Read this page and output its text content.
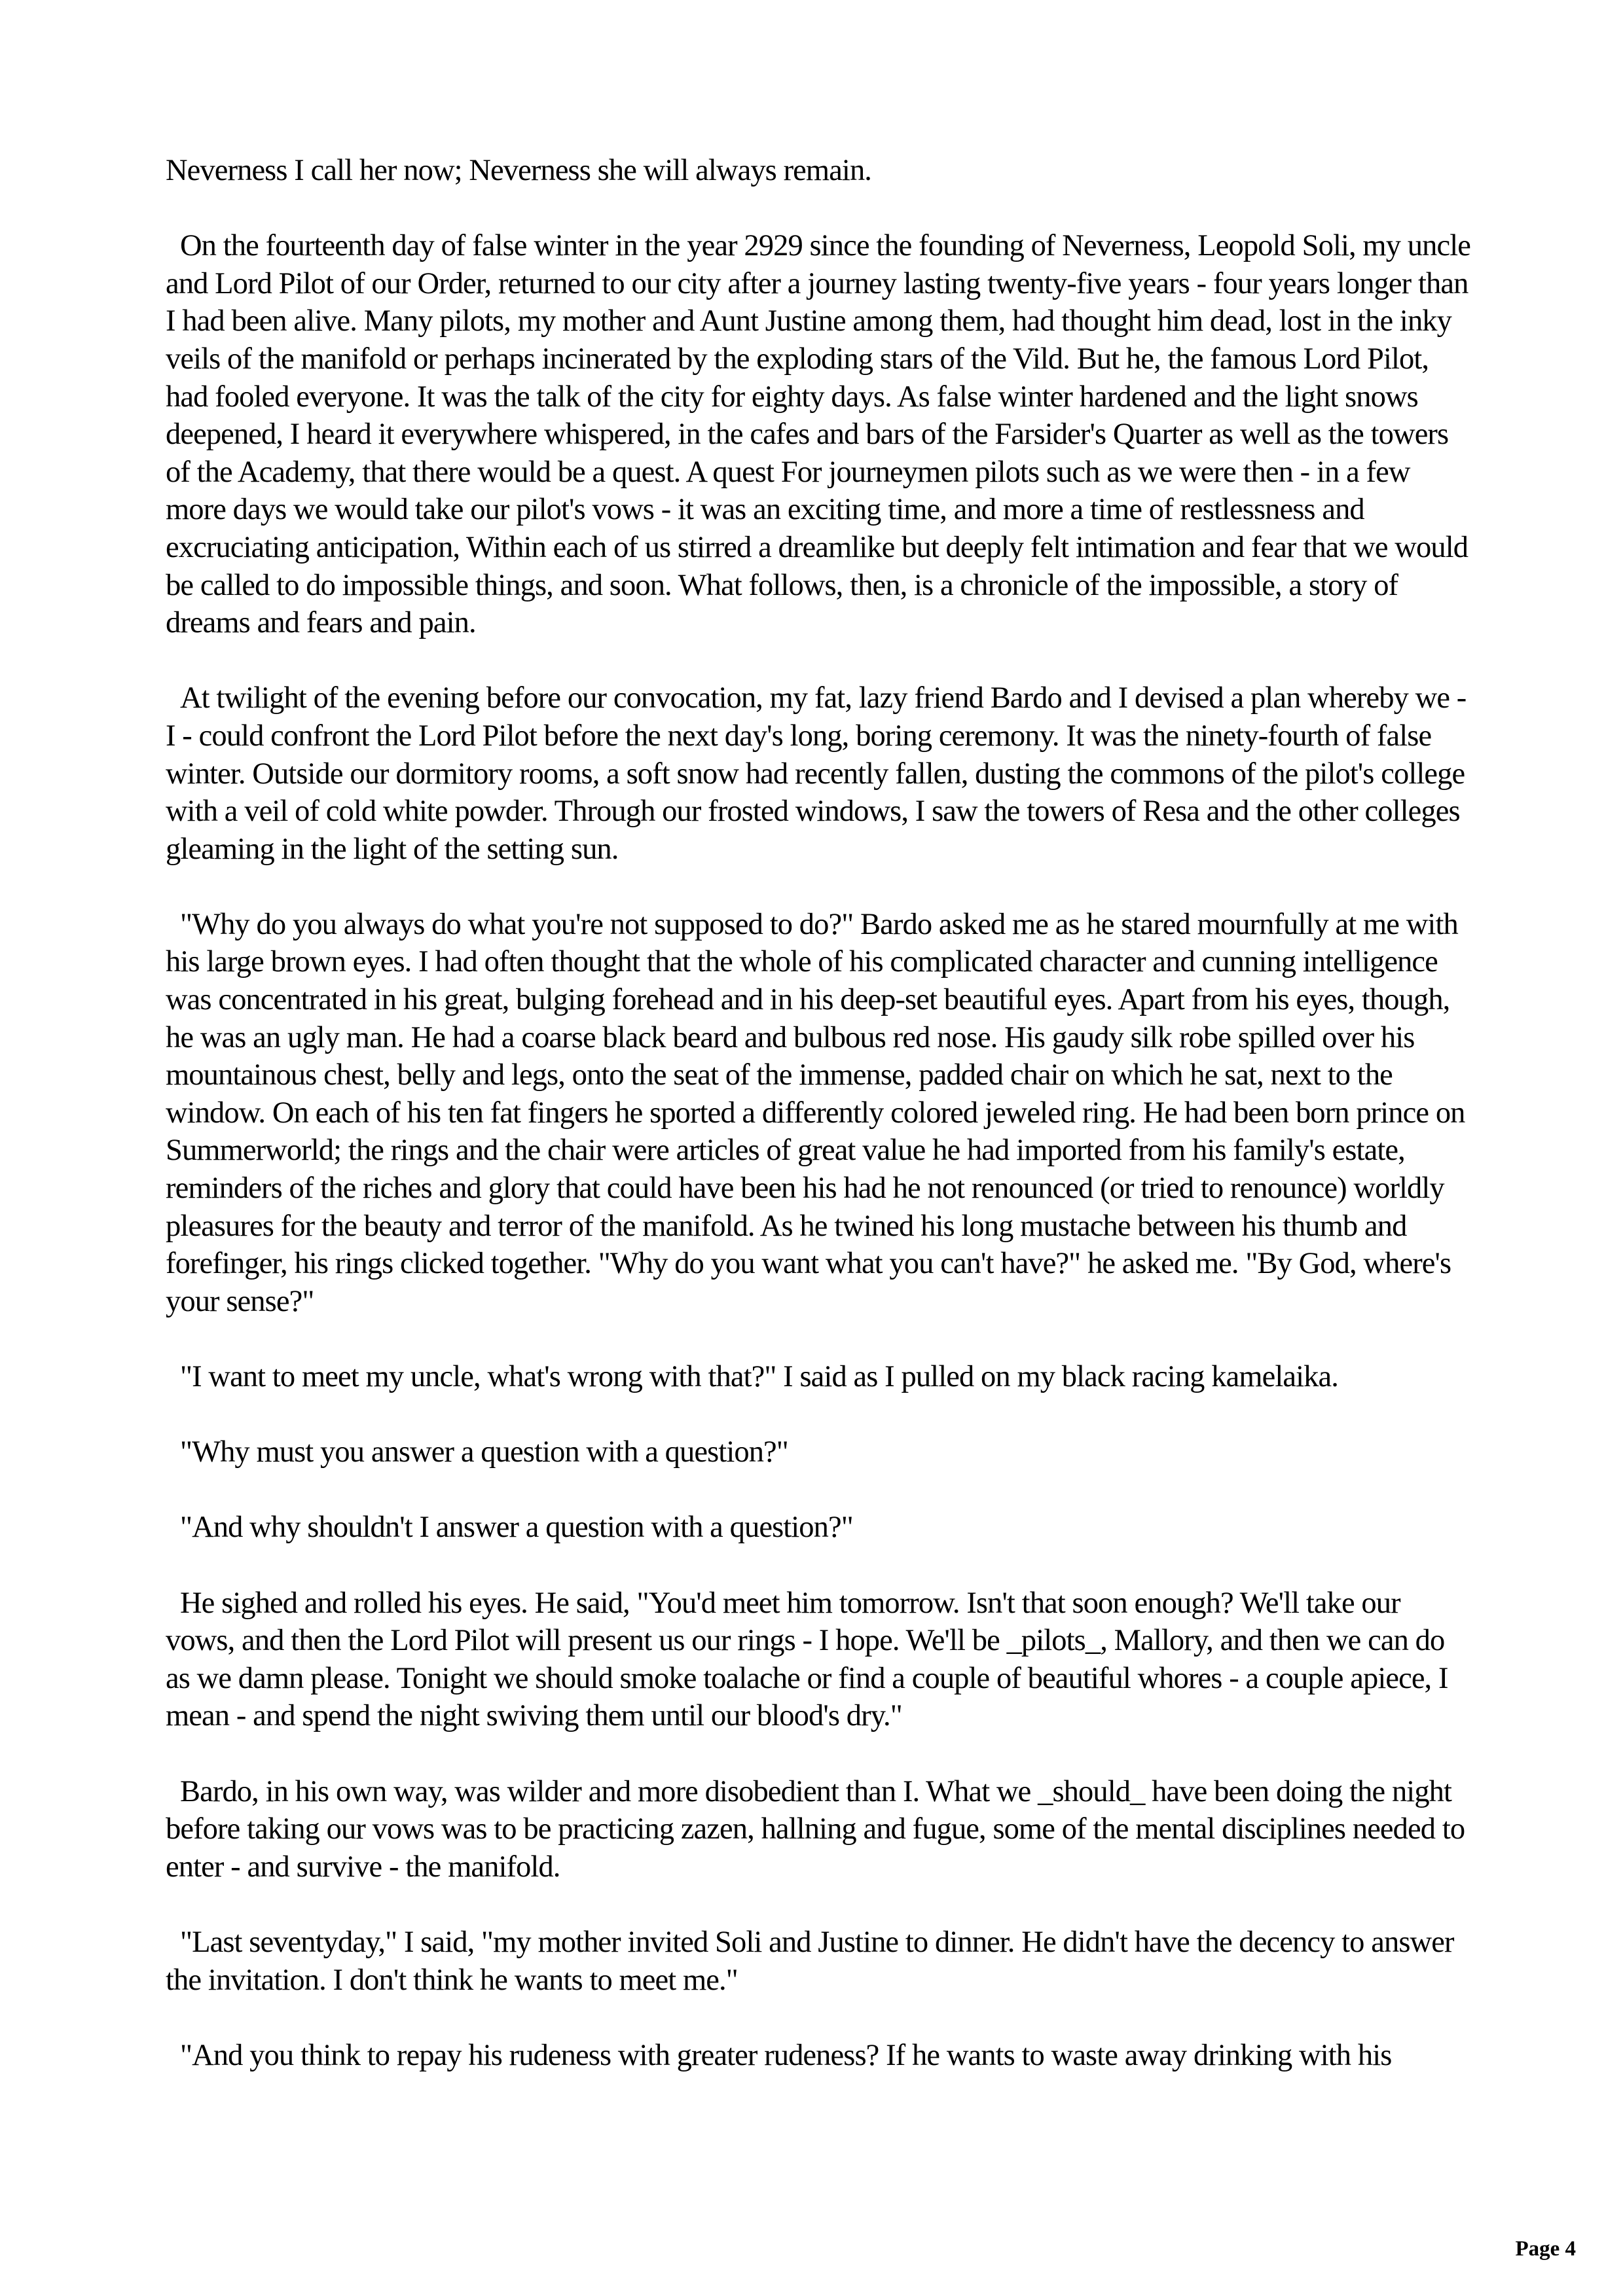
Neverness I call her now; Neverness she will always remain.

On the fourteenth day of false winter in the year 2929 since the founding of Neverness, Leopold Soli, my uncle and Lord Pilot of our Order, returned to our city after a journey lasting twenty-five years - four years longer than I had been alive. Many pilots, my mother and Aunt Justine among them, had thought him dead, lost in the inky veils of the manifold or perhaps incinerated by the exploding stars of the Vild. But he, the famous Lord Pilot, had fooled everyone. It was the talk of the city for eighty days. As false winter hardened and the light snows deepened, I heard it everywhere whispered, in the cafes and bars of the Farsider's Quarter as well as the towers of the Academy, that there would be a quest. A quest For journeymen pilots such as we were then - in a few more days we would take our pilot's vows - it was an exciting time, and more a time of restlessness and excruciating anticipation, Within each of us stirred a dreamlike but deeply felt intimation and fear that we would be called to do impossible things, and soon. What follows, then, is a chronicle of the impossible, a story of dreams and fears and pain.

At twilight of the evening before our convocation, my fat, lazy friend Bardo and I devised a plan whereby we - I - could confront the Lord Pilot before the next day's long, boring ceremony. It was the ninety-fourth of false winter. Outside our dormitory rooms, a soft snow had recently fallen, dusting the commons of the pilot's college with a veil of cold white powder. Through our frosted windows, I saw the towers of Resa and the other colleges gleaming in the light of the setting sun.

"Why do you always do what you're not supposed to do?" Bardo asked me as he stared mournfully at me with his large brown eyes. I had often thought that the whole of his complicated character and cunning intelligence was concentrated in his great, bulging forehead and in his deep-set beautiful eyes. Apart from his eyes, though, he was an ugly man. He had a coarse black beard and bulbous red nose. His gaudy silk robe spilled over his mountainous chest, belly and legs, onto the seat of the immense, padded chair on which he sat, next to the window. On each of his ten fat fingers he sported a differently colored jeweled ring. He had been born prince on Summerworld; the rings and the chair were articles of great value he had imported from his family's estate, reminders of the riches and glory that could have been his had he not renounced (or tried to renounce) worldly pleasures for the beauty and terror of the manifold. As he twined his long mustache between his thumb and forefinger, his rings clicked together. "Why do you want what you can't have?" he asked me. "By God, where's your sense?"

"I want to meet my uncle, what's wrong with that?" I said as I pulled on my black racing kamelaika.

"Why must you answer a question with a question?"

"And why shouldn't I answer a question with a question?"

He sighed and rolled his eyes. He said, "You'd meet him tomorrow. Isn't that soon enough? We'll take our vows, and then the Lord Pilot will present us our rings - I hope. We'll be _pilots_, Mallory, and then we can do as we damn please. Tonight we should smoke toalache or find a couple of beautiful whores - a couple apiece, I mean - and spend the night swiving them until our blood's dry."

Bardo, in his own way, was wilder and more disobedient than I. What we _should_ have been doing the night before taking our vows was to be practicing zazen, hallning and fugue, some of the mental disciplines needed to enter - and survive - the manifold.

"Last seventyday," I said, "my mother invited Soli and Justine to dinner. He didn't have the decency to answer the invitation. I don't think he wants to meet me."

"And you think to repay his rudeness with greater rudeness? If he wants to waste away drinking with his

Page 4
